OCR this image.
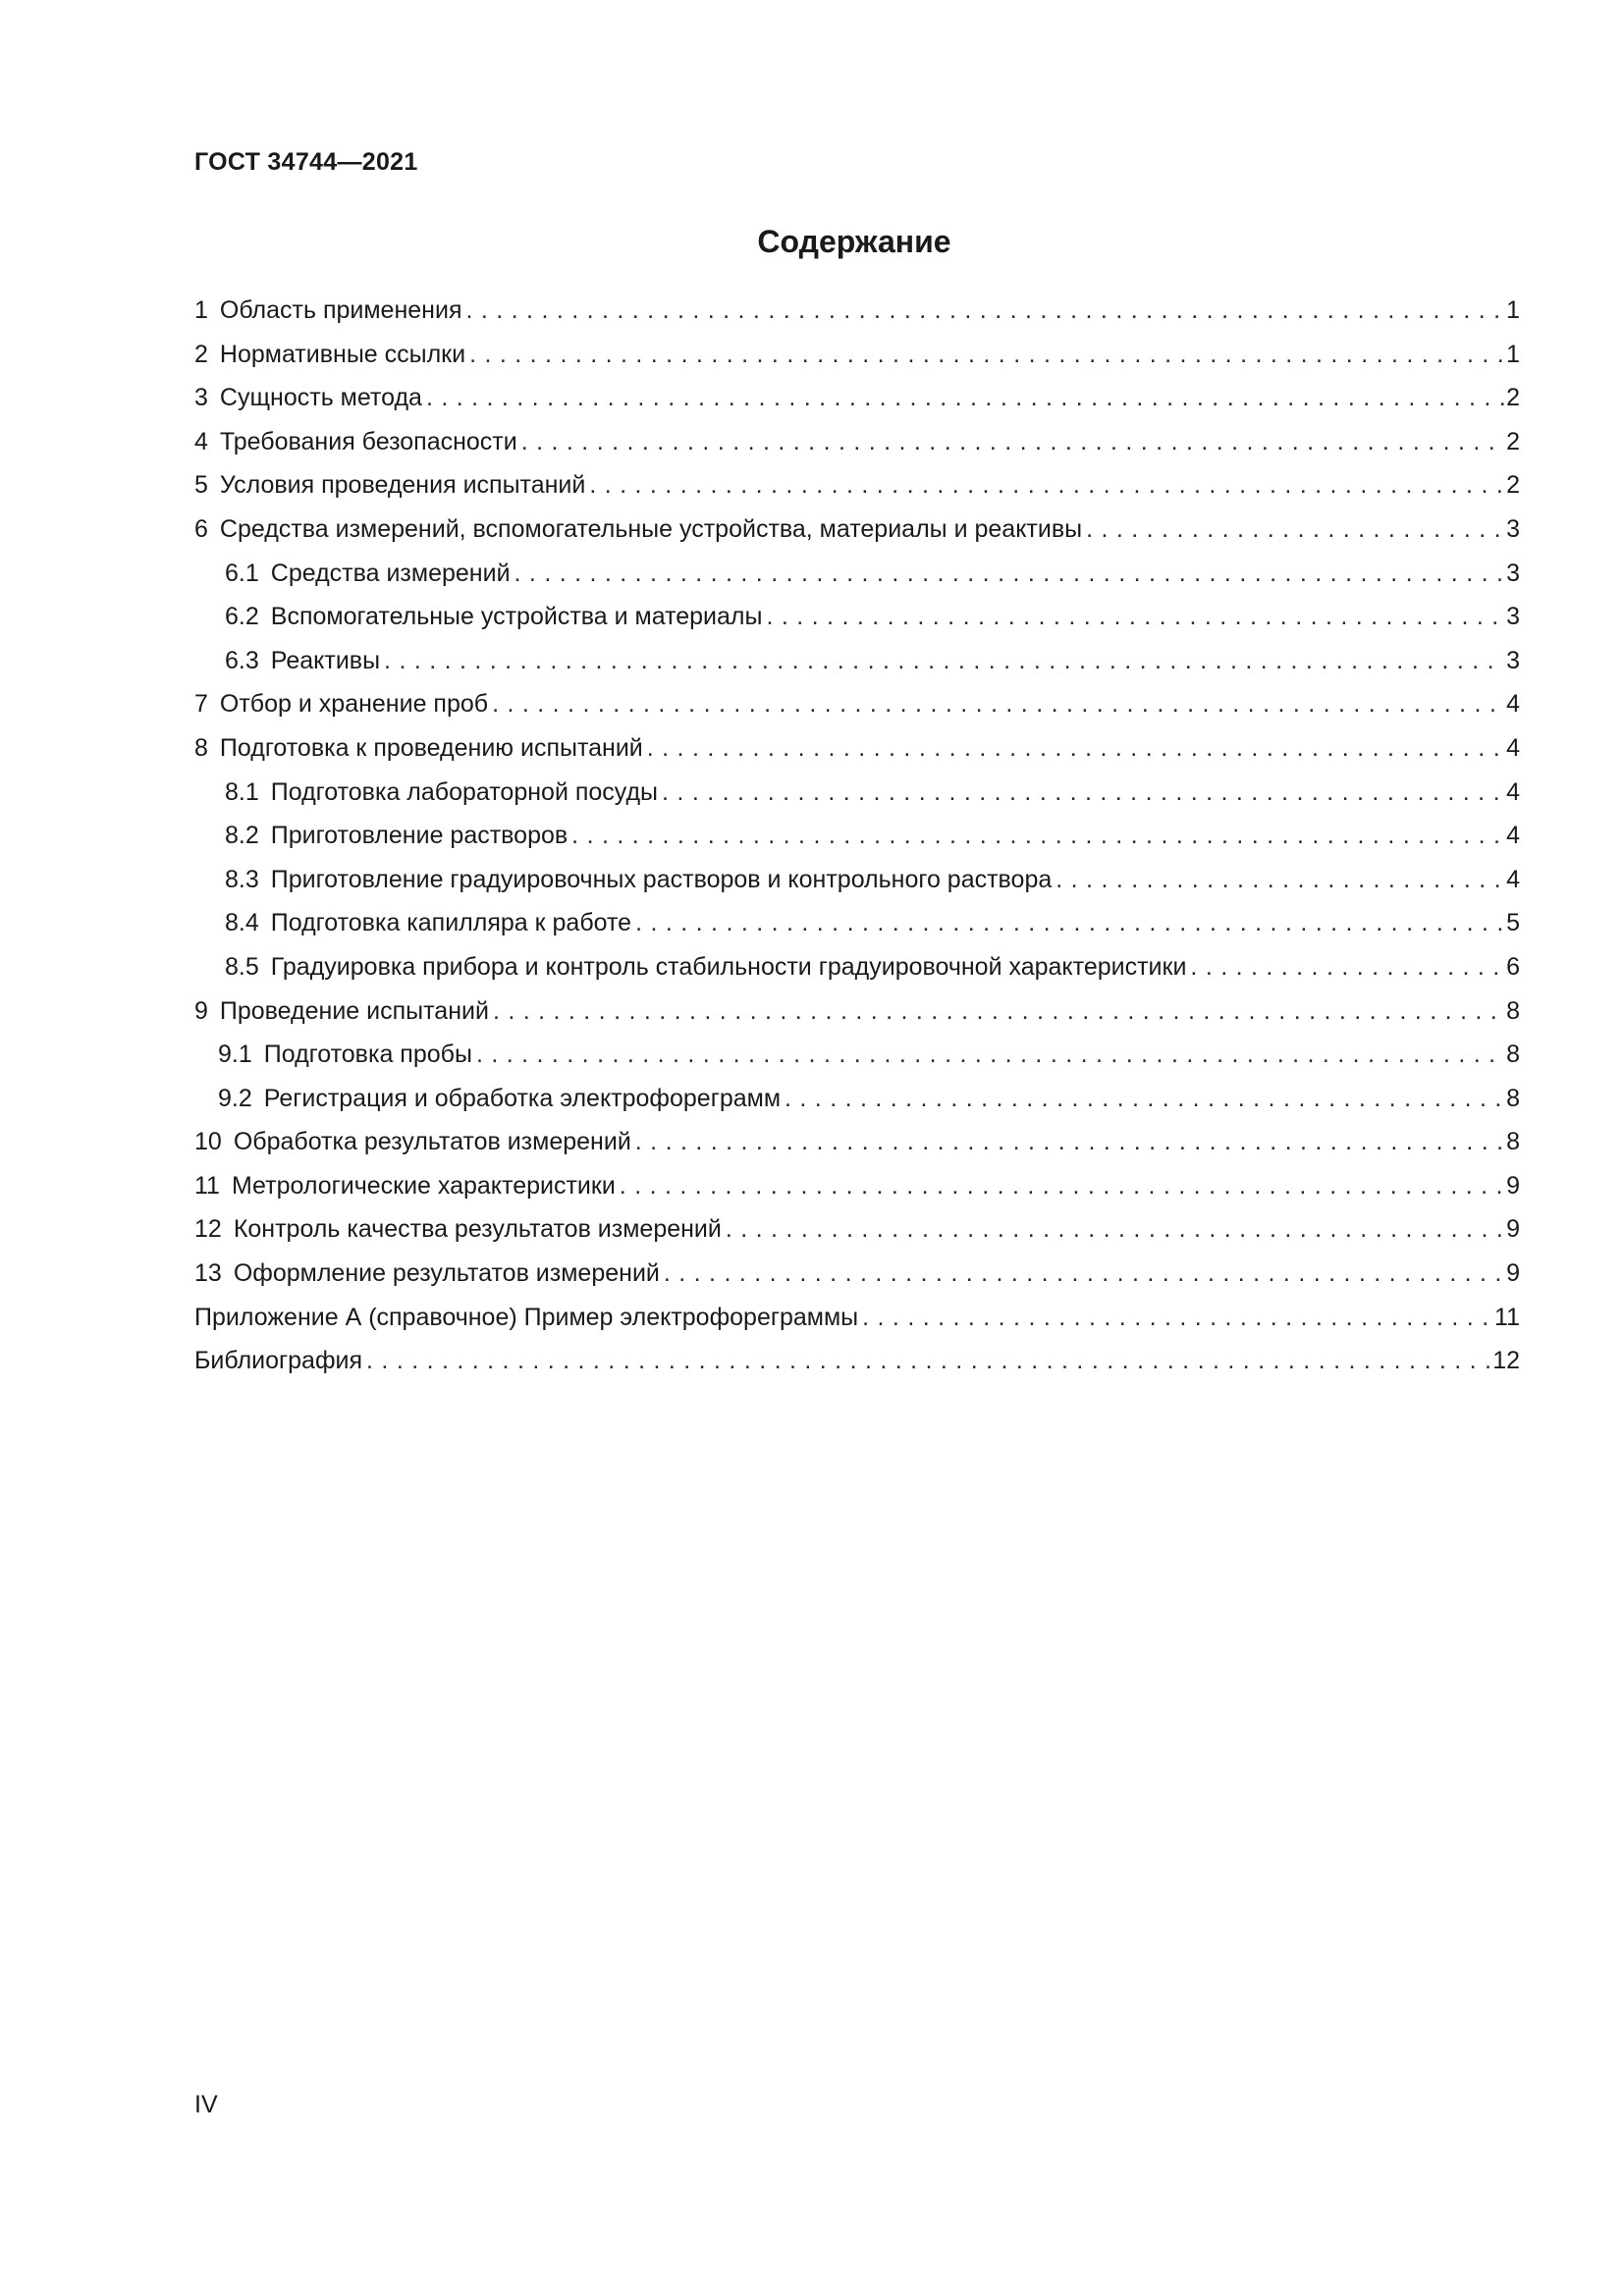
ГОСТ 34744—2021
Содержание
1 Область применения . . .	1
2 Нормативные ссылки . . .	1
3 Сущность метода . . .	2
4 Требования безопасности . . .	2
5 Условия проведения испытаний . . .	2
6 Средства измерений, вспомогательные устройства, материалы и реактивы . . .	3
6.1 Средства измерений . . .	3
6.2 Вспомогательные устройства и материалы . . .	3
6.3 Реактивы . . .	3
7 Отбор и хранение проб . . .	4
8 Подготовка к проведению испытаний . . .	4
8.1 Подготовка лабораторной посуды . . .	4
8.2 Приготовление растворов . . .	4
8.3 Приготовление градуировочных растворов и контрольного раствора . . .	4
8.4 Подготовка капилляра к работе . . .	5
8.5 Градуировка прибора и контроль стабильности градуировочной характеристики . . .	6
9 Проведение испытаний . . .	8
9.1 Подготовка пробы . . .	8
9.2 Регистрация и обработка электрофореграмм . . .	8
10 Обработка результатов измерений . . .	8
11 Метрологические характеристики . . .	9
12 Контроль качества результатов измерений . . .	9
13 Оформление результатов измерений . . .	9
Приложение А (справочное) Пример электрофореграммы . . .	11
Библиография . . .	12
IV
